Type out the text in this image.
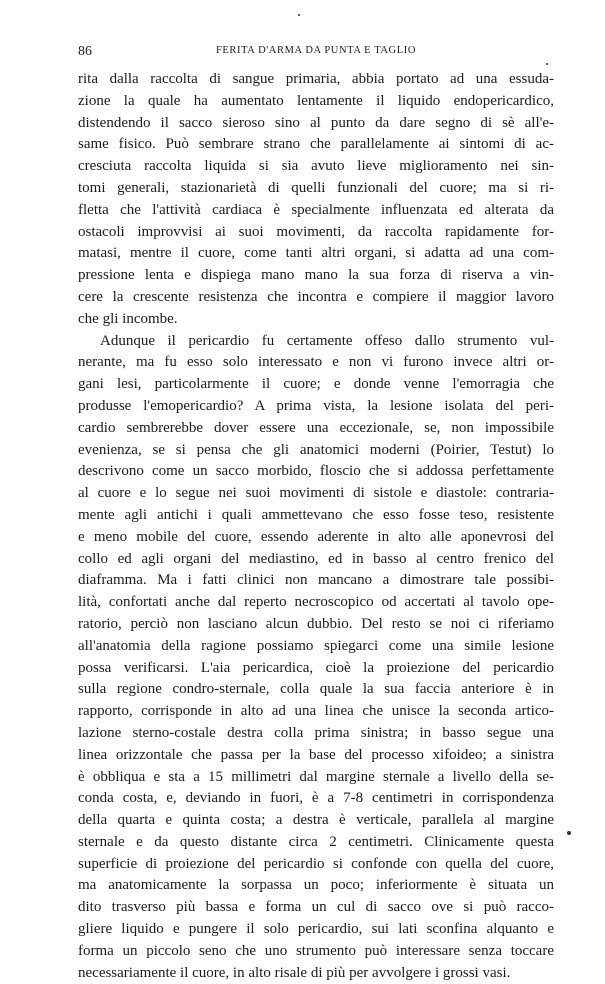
86	FERITA D'ARMA DA PUNTA E TAGLIO
rita dalla raccolta di sangue primaria, abbia portato ad una essuda-
zione la quale ha aumentato lentamente il liquido endopericardico,
distendendo il sacco sieroso sino al punto da dare segno di sè all'e-
same fisico. Può sembrare strano che parallelamente ai sintomi di ac-
cresciuta raccolta liquida si sia avuto lieve miglioramento nei sin-
tomi generali, stazionarietà di quelli funzionali del cuore; ma si ri-
fletta che l'attività cardiaca è specialmente influenzata ed alterata da
ostacoli improvvisi ai suoi movimenti, da raccolta rapidamente for-
matasi, mentre il cuore, come tanti altri organi, si adatta ad una com-
pressione lenta e dispiega mano mano la sua forza di riserva a vin-
cere la crescente resistenza che incontra e compiere il maggior lavoro
che gli incombe.
Adunque il pericardio fu certamente offeso dallo strumento vul-
nerante, ma fu esso solo interessato e non vi furono invece altri or-
gani lesi, particolarmente il cuore; e donde venne l'emorragia che
produsse l'emopericardio? A prima vista, la lesione isolata del peri-
cardio sembrerebbe dover essere una eccezionale, se, non impossibile
evenienza, se si pensa che gli anatomici moderni (Poirier, Testut) lo
descrivono come un sacco morbido, floscio che si addossa perfettamente
al cuore e lo segue nei suoi movimenti di sistole e diastole: contraria-
mente agli antichi i quali ammettevano che esso fosse teso, resistente
e meno mobile del cuore, essendo aderente in alto alle aponevrosi del
collo ed agli organi del mediastino, ed in basso al centro frenico del
diaframma. Ma i fatti clinici non mancano a dimostrare tale possibi-
lità, confortati anche dal reperto necroscopico od accertati al tavolo ope-
ratorio, perciò non lasciano alcun dubbio. Del resto se noi ci riferiamo
all'anatomia della ragione possiamo spiegarci come una simile lesione
possa verificarsi. L'aia pericardica, cioè la proiezione del pericardio
sulla regione condro-sternale, colla quale la sua faccia anteriore è in
rapporto, corrisponde in alto ad una linea che unisce la seconda artico-
lazione sterno-costale destra colla prima sinistra; in basso segue una
linea orizzontale che passa per la base del processo xifoideo; a sinistra
è obbliqua e sta a 15 millimetri dal margine sternale a livello della se-
conda costa, e, deviando in fuori, è a 7-8 centimetri in corrispondenza
della quarta e quinta costa; a destra è verticale, parallela al margine
sternale e da questo distante circa 2 centimetri. Clinicamente questa
superficie di proiezione del pericardio si confonde con quella del cuore,
ma anatomicamente la sorpassa un poco; inferiormente è situata un
dito trasverso più bassa e forma un cul di sacco ove si può racco-
gliere liquido e pungere il solo pericardio, sui lati sconfina alquanto e
forma un piccolo seno che uno strumento può interessare senza toccare
necessariamente il cuore, in alto risale di più per avvolgere i grossi vasi.
